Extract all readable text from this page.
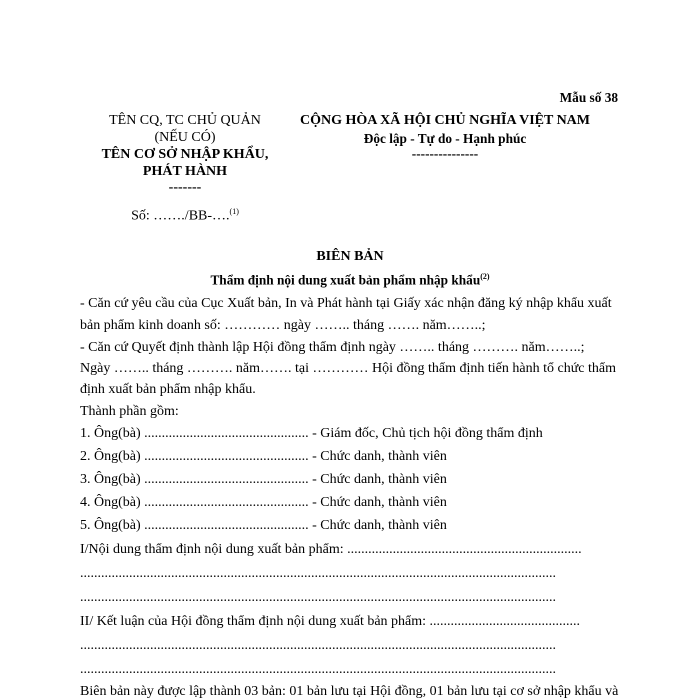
Mẫu số 38
TÊN CQ, TC CHỦ QUẢN
(NẾU CÓ)
TÊN CƠ SỞ NHẬP KHẨU,
PHÁT HÀNH
-------
Số: ……./BB-….$^{(1)}$
CỘNG HÒA XÃ HỘI CHỦ NGHĨA VIỆT NAM
Độc lập - Tự do - Hạnh phúc
---------------
BIÊN BẢN
Thẩm định nội dung xuất bản phẩm nhập khẩu$^{(2)}$
- Căn cứ yêu cầu của Cục Xuất bản, In và Phát hành tại Giấy xác nhận đăng ký nhập khẩu xuất
bản phẩm kinh doanh số: ………… ngày …….. tháng ……. năm……..;
- Căn cứ Quyết định thành lập Hội đồng thẩm định ngày …….. tháng ………. năm……..;
Ngày …….. tháng ………. năm……. tại ………… Hội đồng thẩm định tiến hành tổ chức thẩm
định xuất bản phẩm nhập khẩu.
Thành phần gồm:
1. Ông(bà) ............................................... - Giám đốc, Chủ tịch hội đồng thẩm định
2. Ông(bà) ............................................... - Chức danh, thành viên
3. Ông(bà) ............................................... - Chức danh, thành viên
4. Ông(bà) ............................................... - Chức danh, thành viên
5. Ông(bà) ............................................... - Chức danh, thành viên
I/Nội dung thẩm định nội dung xuất bản phẩm: ...................................................................
........................................................................................................................................
........................................................................................................................................
II/ Kết luận của Hội đồng thẩm định nội dung xuất bản phẩm: ...........................................
........................................................................................................................................
........................................................................................................................................
Biên bản này được lập thành 03 bản: 01 bản lưu tại Hội đồng, 01 bản lưu tại cơ sở nhập khẩu và
